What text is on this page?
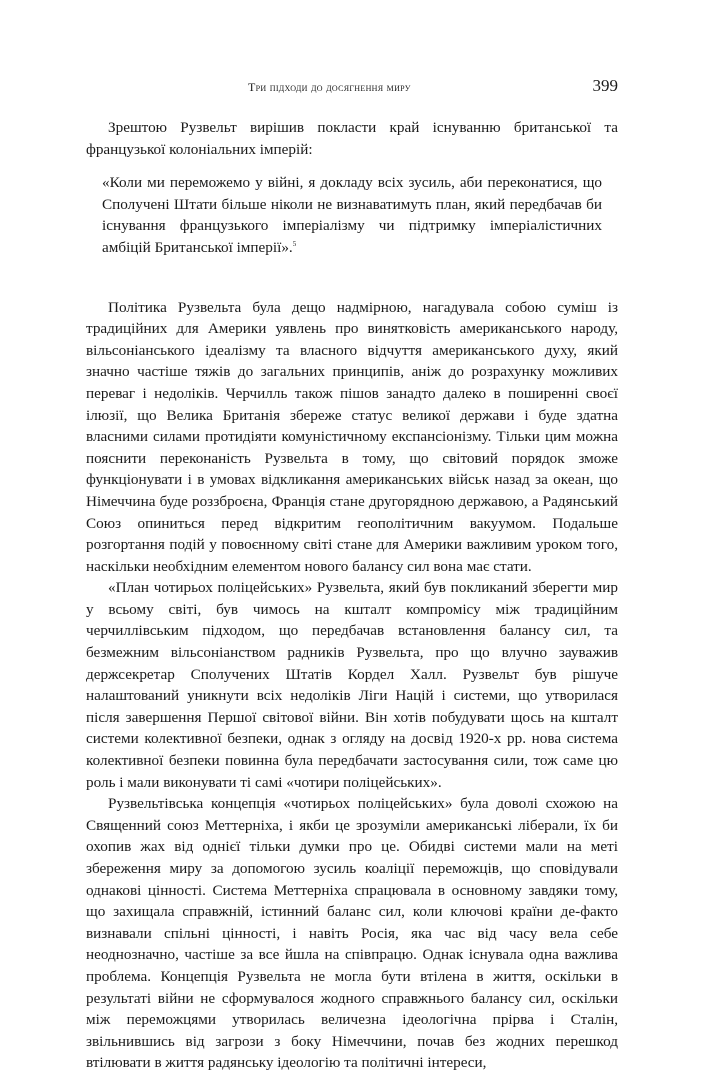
Три підходи до досягнення миру	399

Зрештою Рузвельт вирішив покласти край існуванню британської та французької колоніальних імперій:

«Коли ми переможемо у війні, я докладу всіх зусиль, аби переконатися, що Сполучені Штати більше ніколи не визнаватимуть план, який передбачав би існування французького імперіалізму чи підтримку імперіалістичних амбіцій Британської імперії».$^5$

Політика Рузвельта була дещо надмірною, нагадувала собою суміш із традиційних для Америки уявлень про винятковість американського народу, вільсоніанського ідеалізму та власного відчуття американського духу, який значно частіше тяжів до загальних принципів, аніж до розрахунку можливих переваг і недоліків. Черчилль також пішов занадто далеко в поширенні своєї ілюзії, що Велика Британія збереже статус великої держави і буде здатна власними силами протидіяти комуністичному експансіонізму. Тільки цим можна пояснити переконаність Рузвельта в тому, що світовий порядок зможе функціонувати і в умовах відкликання американських військ назад за океан, що Німеччина буде роззброєна, Франція стане другорядною державою, а Радянський Союз опиниться перед відкритим геополітичним вакуумом. Подальше розгортання подій у повоєнному світі стане для Америки важливим уроком того, наскільки необхідним елементом нового балансу сил вона має стати.

«План чотирьох поліцейських» Рузвельта, який був покликаний зберегти мир у всьому світі, був чимось на кшталт компромісу між традиційним черчиллівським підходом, що передбачав встановлення балансу сил, та безмежним вільсоніанством радників Рузвельта, про що влучно зауважив держсекретар Сполучених Штатів Кордел Халл. Рузвельт був рішуче налаштований уникнути всіх недоліків Ліги Націй і системи, що утворилася після завершення Першої світової війни. Він хотів побудувати щось на кшталт системи колективної безпеки, однак з огляду на досвід 1920-х рр. нова система колективної безпеки повинна була передбачати застосування сили, тож саме цю роль і мали виконувати ті самі «чотири поліцейських».

Рузвельтівська концепція «чотирьох поліцейських» була доволі схожою на Священний союз Меттерніха, і якби це зрозуміли американські ліберали, їх би охопив жах від однієї тільки думки про це. Обидві системи мали на меті збереження миру за допомогою зусиль коаліції переможців, що сповідували однакові цінності. Система Меттерніха спрацювала в основному завдяки тому, що захищала справжній, істинний баланс сил, коли ключові країни де-факто визнавали спільні цінності, і навіть Росія, яка час від часу вела себе неоднозначно, частіше за все йшла на співпрацю. Однак існувала одна важлива проблема. Концепція Рузвельта не могла бути втілена в життя, оскільки в результаті війни не сформувалося жодного справжнього балансу сил, оскільки між переможцями утворилась величезна ідеологічна прірва і Сталін, звільнившись від загрози з боку Німеччини, почав без жодних перешкод втілювати в життя радянську ідеологію та політичні інтереси,
